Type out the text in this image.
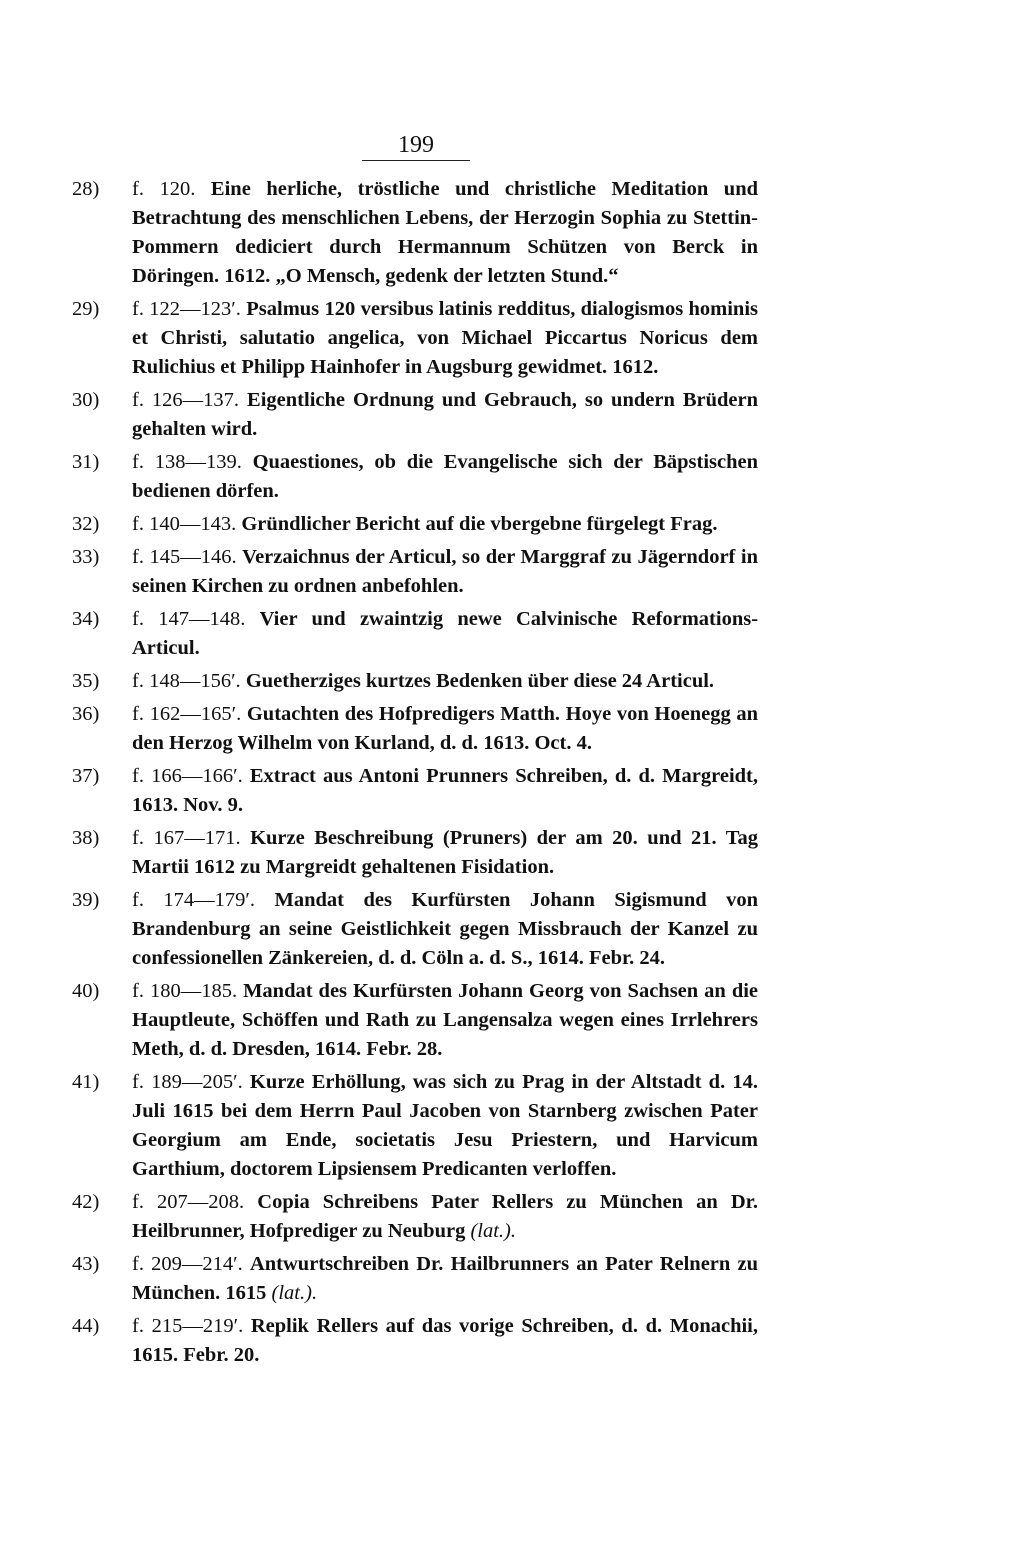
199
28) f. 120. Eine herliche, tröstliche und christliche Meditation und Betrachtung des menschlichen Lebens, der Herzogin Sophia zu Stettin-Pommern dediciert durch Hermannum Schützen von Berck in Döringen. 1612. „O Mensch, gedenk der letzten Stund.“
29) f. 122—123′. Psalmus 120 versibus latinis redditus, dialogismos hominis et Christi, salutatio angelica, von Michael Piccartus Noricus dem Rulichius et Philipp Hainhofer in Augsburg gewidmet. 1612.
30) f. 126—137. Eigentliche Ordnung und Gebrauch, so undern Brüdern gehalten wird.
31) f. 138—139. Quaestiones, ob die Evangelische sich der Bäpstischen bedienen dörfen.
32) f. 140—143. Gründlicher Bericht auf die vbergebne fürgelegt Frag.
33) f. 145—146. Verzaichnus der Articul, so der Marggraf zu Jägerndorf in seinen Kirchen zu ordnen anbefohlen.
34) f. 147—148. Vier und zwaintzig newe Calvinische Reformations-Articul.
35) f. 148—156′. Guetherziges kurtzes Bedenken über diese 24 Articul.
36) f. 162—165′. Gutachten des Hofpredigers Matth. Hoye von Hoenegg an den Herzog Wilhelm von Kurland, d. d. 1613. Oct. 4.
37) f. 166—166′. Extract aus Antoni Prunners Schreiben, d. d. Margreidt, 1613. Nov. 9.
38) f. 167—171. Kurze Beschreibung (Pruners) der am 20. und 21. Tag Martii 1612 zu Margreidt gehaltenen Fisidation.
39) f. 174—179′. Mandat des Kurfürsten Johann Sigismund von Brandenburg an seine Geistlichkeit gegen Missbrauch der Kanzel zu confessionellen Zänkereien, d. d. Cöln a. d. S., 1614. Febr. 24.
40) f. 180—185. Mandat des Kurfürsten Johann Georg von Sachsen an die Hauptleute, Schöffen und Rath zu Langensalza wegen eines Irrlehrers Meth, d. d. Dresden, 1614. Febr. 28.
41) f. 189—205′. Kurze Erhöllung, was sich zu Prag in der Altstadt d. 14. Juli 1615 bei dem Herrn Paul Jacoben von Starnberg zwischen Pater Georgium am Ende, societatis Jesu Priestern, und Harvicum Garthium, doctorem Lipsiensem Predicanten verloffen.
42) f. 207—208. Copia Schreibens Pater Rellers zu München an Dr. Heilbrunner, Hofprediger zu Neuburg (lat.).
43) f. 209—214′. Antwurtschreiben Dr. Hailbrunners an Pater Relnern zu München. 1615 (lat.).
44) f. 215—219′. Replik Rellers auf das vorige Schreiben, d. d. Monachii, 1615. Febr. 20.
